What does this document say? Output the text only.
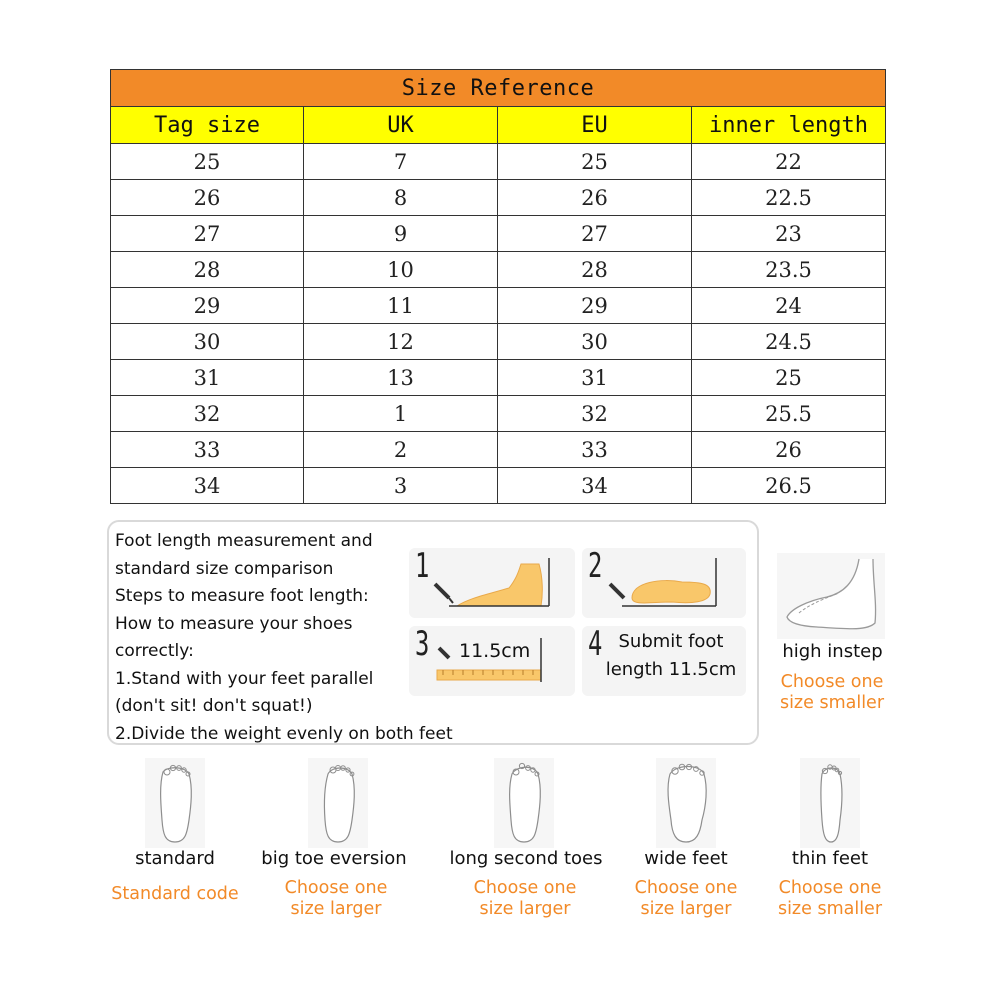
Size Reference			
Tag size	UK	EU	inner length
25	7	25	22
26	8	26	22.5
27	9	27	23
28	10	28	23.5
29	11	29	24
30	12	30	24.5
31	13	31	25
32	1	32	25.5
33	2	33	26
34	3	34	26.5
Foot length measurement and
standard size comparison
Steps to measure foot length:
How to measure your shoes
correctly:
1.Stand with your feet parallel
(don't sit! don't squat!)
2.Divide the weight evenly on both feet
1	2
3 11.5cm 4 Submit foot
length 11.5cm
high instep
Choose one
size smaller
standard
Standard code
big toe eversion
Choose one
size larger
long second toes
Choose one
size larger
wide feet
Choose one
size larger
thin feet
Choose one
size smaller
